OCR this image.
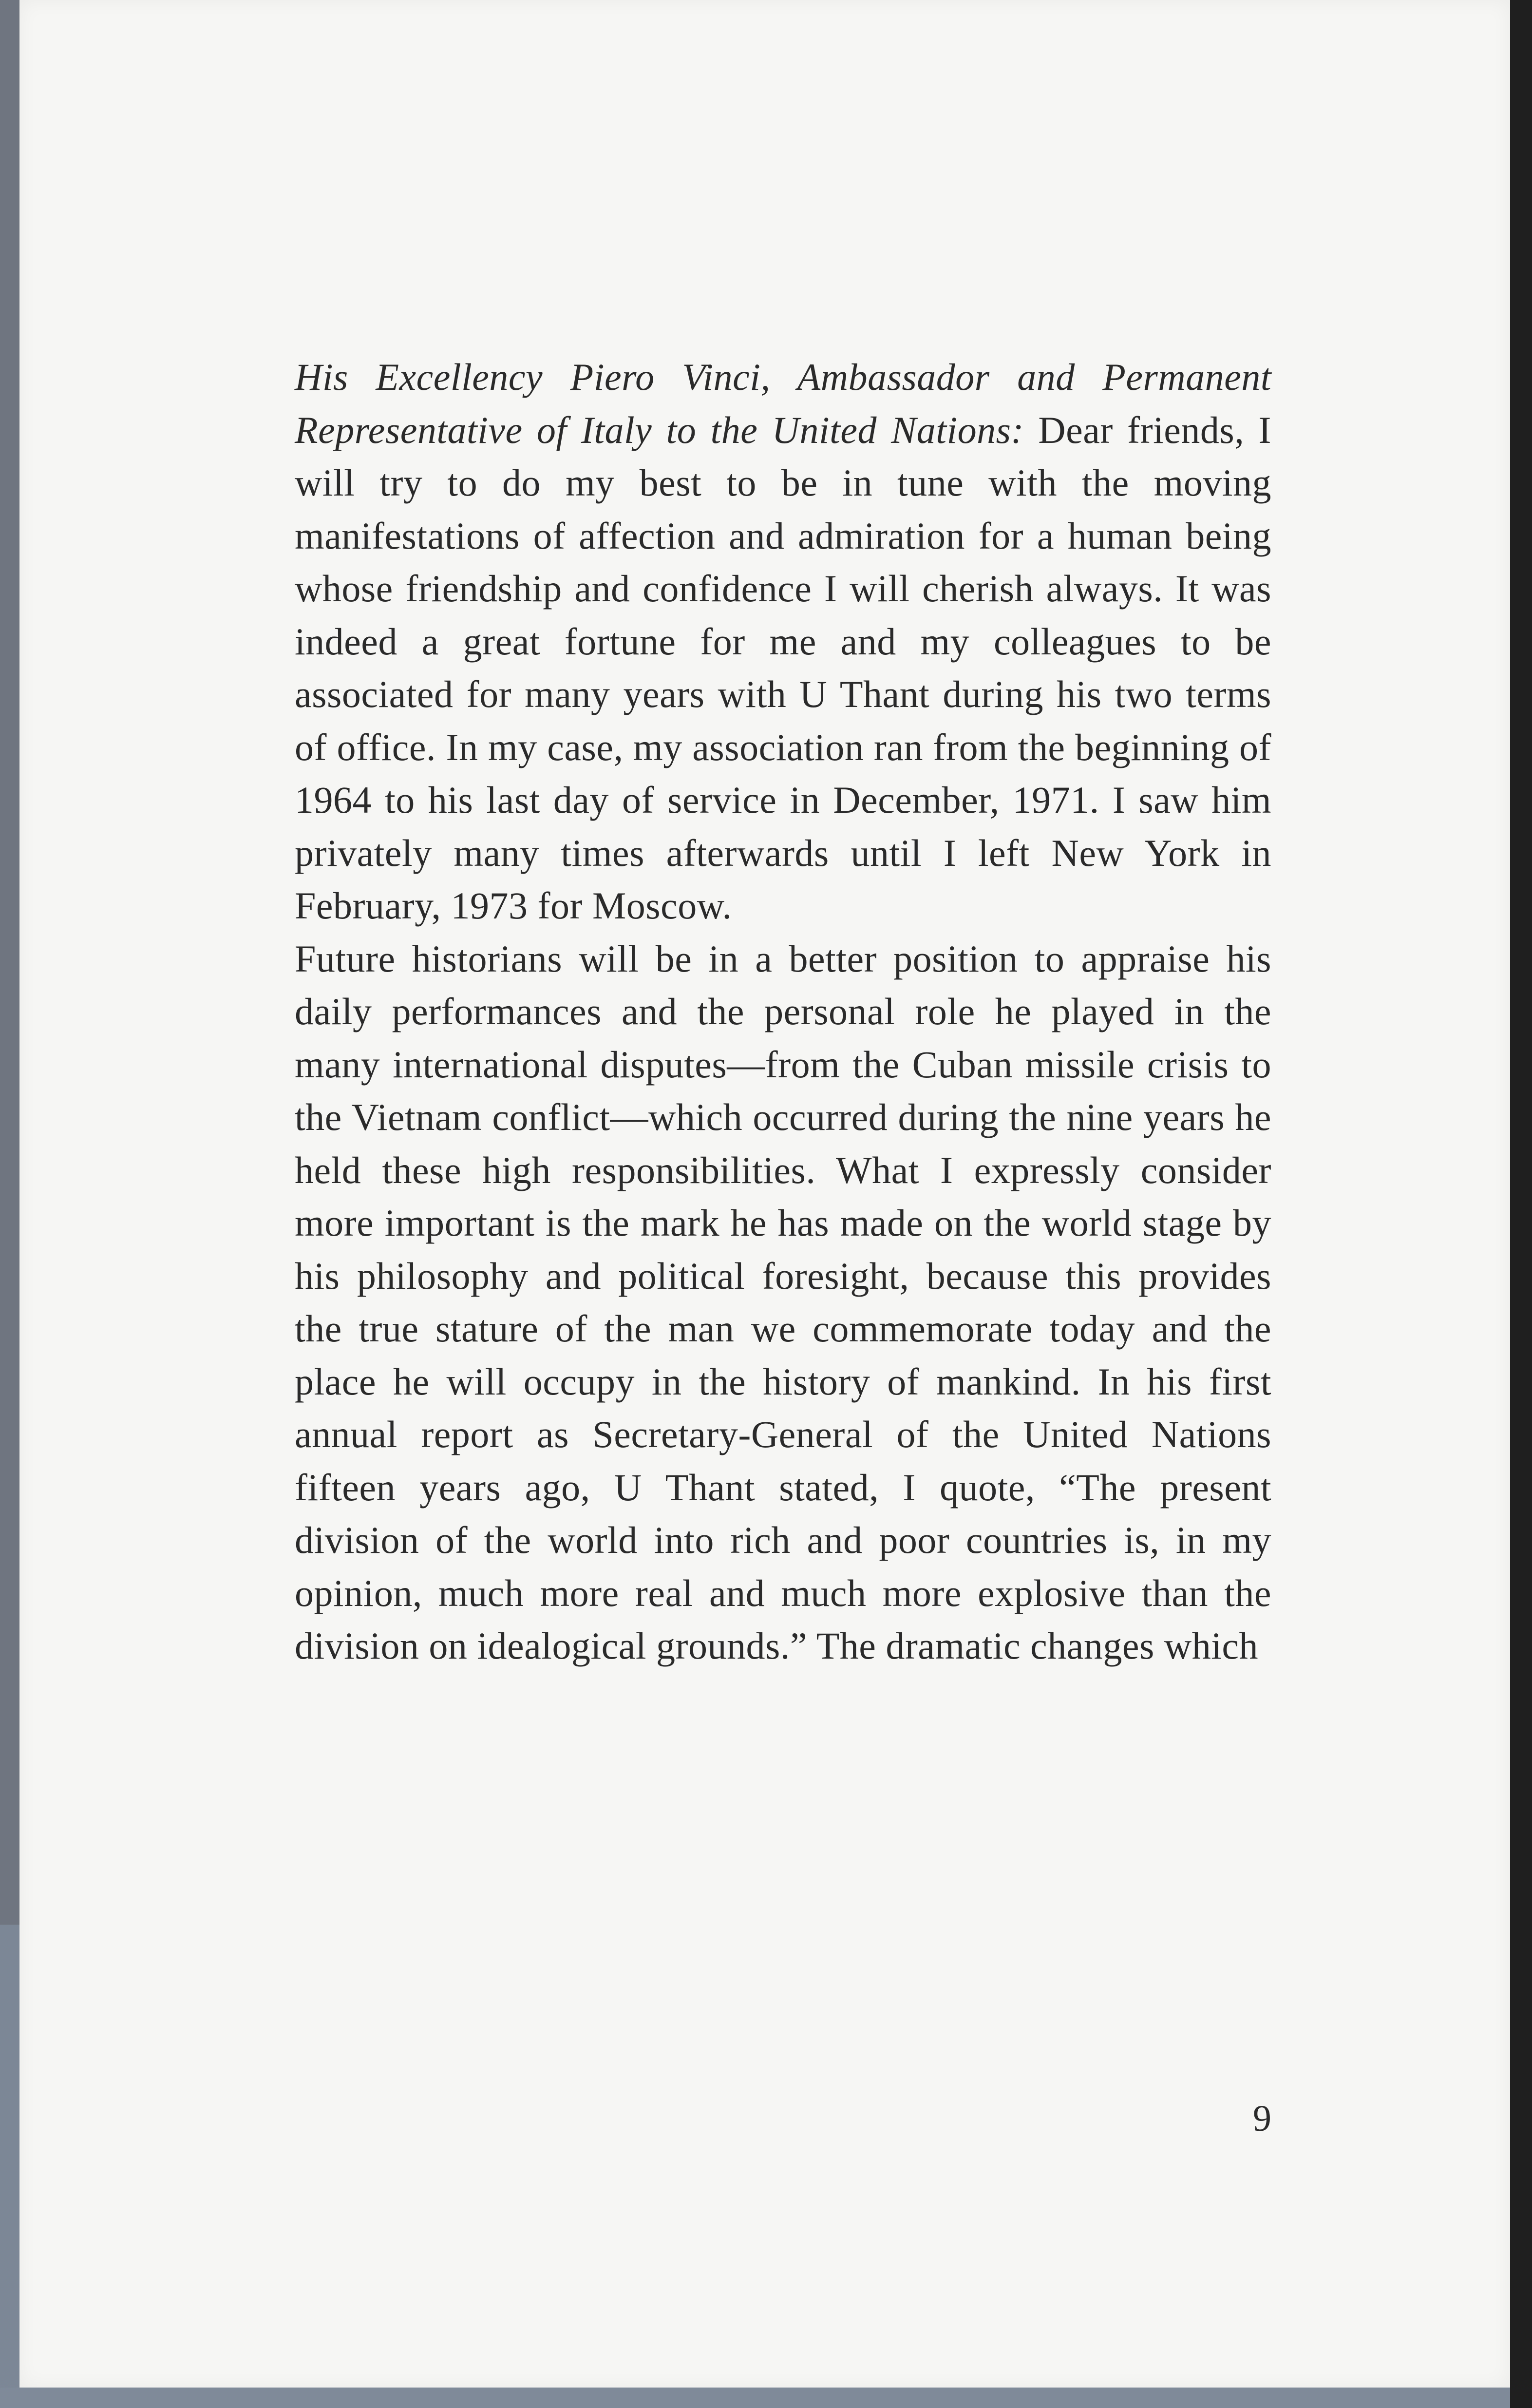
His Excellency Piero Vinci, Ambassador and Permanent Representative of Italy to the United Nations: Dear friends, I will try to do my best to be in tune with the moving manifestations of affection and admiration for a human being whose friendship and confidence I will cherish always. It was indeed a great fortune for me and my colleagues to be associated for many years with U Thant during his two terms of office. In my case, my association ran from the beginning of 1964 to his last day of service in December, 1971. I saw him privately many times afterwards until I left New York in February, 1973 for Moscow.

Future historians will be in a better position to appraise his daily performances and the personal role he played in the many international disputes—from the Cuban missile crisis to the Vietnam conflict—which occurred during the nine years he held these high responsibilities. What I expressly consider more important is the mark he has made on the world stage by his philosophy and political foresight, because this provides the true stature of the man we commemorate today and the place he will occupy in the history of mankind. In his first annual report as Secretary-General of the United Nations fifteen years ago, U Thant stated, I quote, “The present division of the world into rich and poor countries is, in my opinion, much more real and much more explosive than the division on idealogical grounds.” The dramatic changes which

9
